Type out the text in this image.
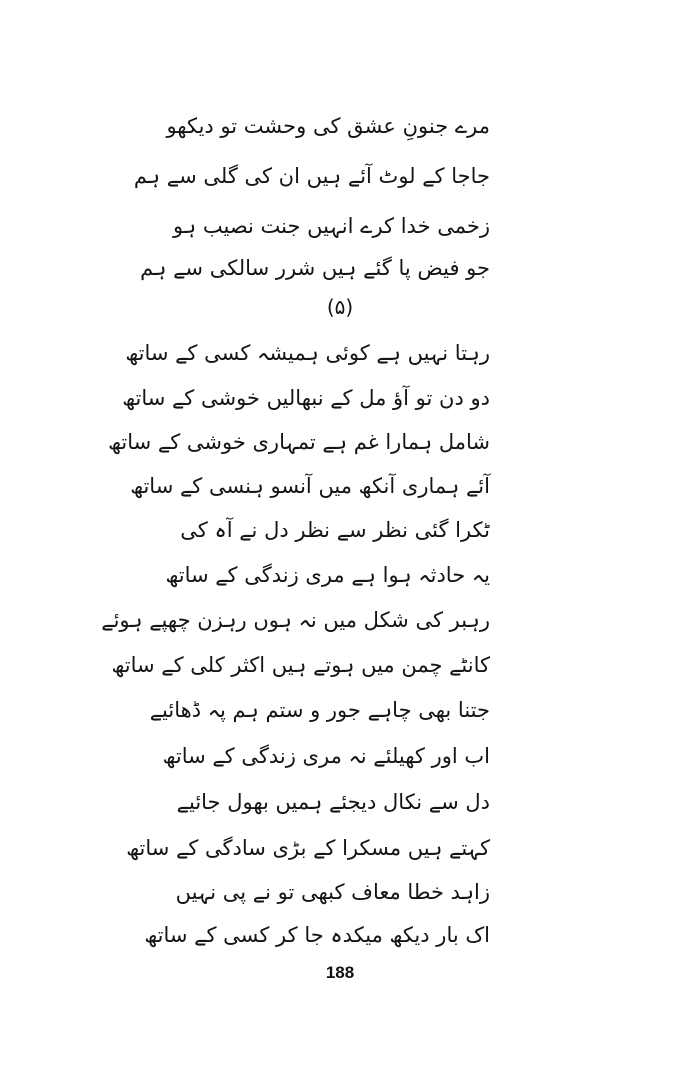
مرے جنونِ عشق کی وحشت تو دیکھو
جاجا کے لوٹ آئے ہیں ان کی گلی سے ہم
زخمی خدا کرے انہیں جنت نصیب ہو
جو فیض پا گئے ہیں شرر سالکی سے ہم
(۵)
رہتا نہیں ہے کوئی ہمیشہ کسی کے ساتھ
دو دن تو آؤ مل کے نبھالیں خوشی کے ساتھ
شامل ہمارا غم ہے تمہاری خوشی کے ساتھ
آئے ہماری آنکھ میں آنسو ہنسی کے ساتھ
ٹکرا گئی نظر سے نظر دل نے آہ کی
یہ حادثہ ہوا ہے مری زندگی کے ساتھ
رہبر کی شکل میں نہ ہوں رہزن چھپے ہوئے
کانٹے چمن میں ہوتے ہیں اکثر کلی کے ساتھ
جتنا بھی چاہے جور و ستم ہم پہ ڈھائیے
اب اور کھیلئے نہ مری زندگی کے ساتھ
دل سے نکال دیجئے ہمیں بھول جائیے
کہتے ہیں مسکرا کے بڑی سادگی کے ساتھ
زاہد خطا معاف کبھی تو نے پی نہیں
اک بار دیکھ میکدہ جا کر کسی کے ساتھ
188
